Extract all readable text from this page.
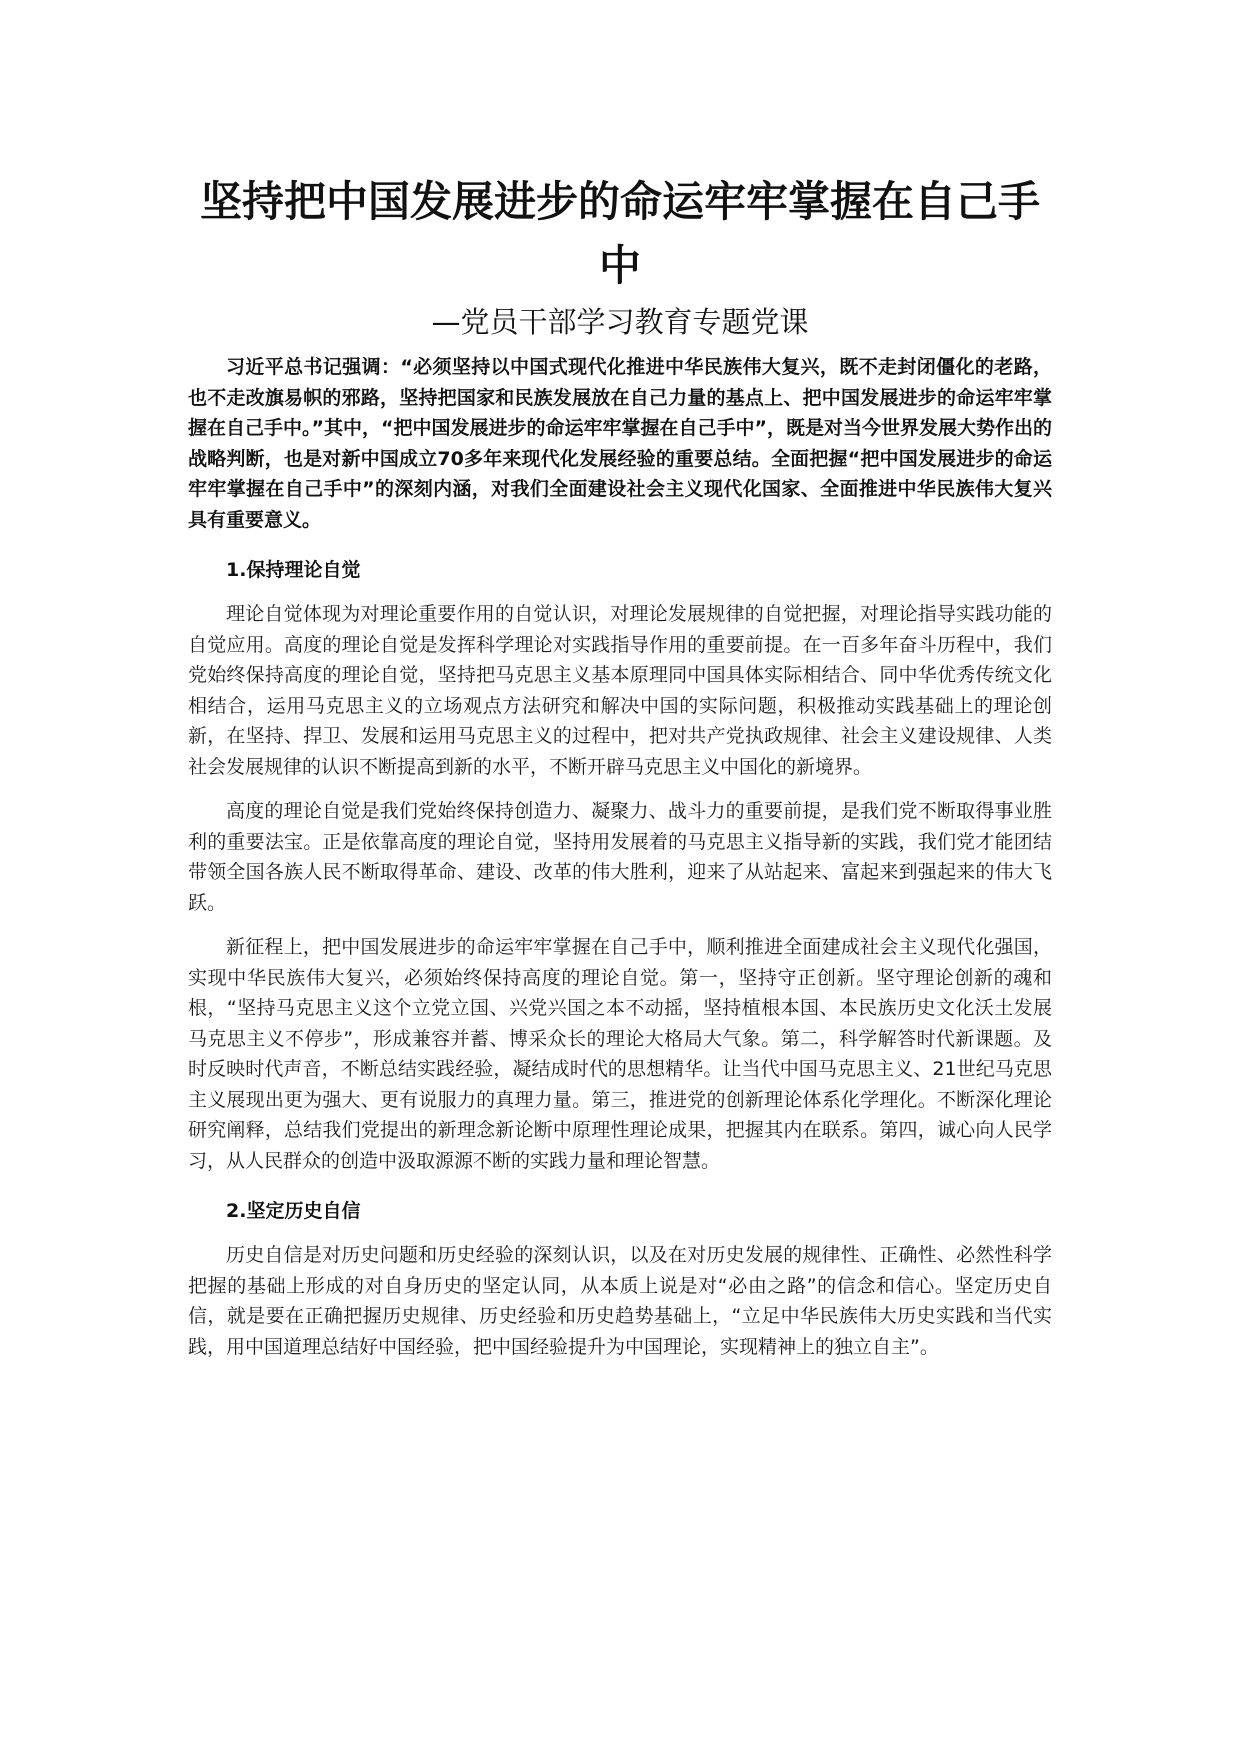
坚持把中国发展进步的命运牢牢掌握在自己手中
—党员干部学习教育专题党课

习近平总书记强调：“必须坚持以中国式现代化推进中华民族伟大复兴，既不走封闭僵化的老路，也不走改旗易帜的邪路，坚持把国家和民族发展放在自己力量的基点上、把中国发展进步的命运牢牢掌握在自己手中。”其中，“把中国发展进步的命运牢牢掌握在自己手中”，既是对当今世界发展大势作出的战略判断，也是对新中国成立70多年来现代化发展经验的重要总结。全面把握“把中国发展进步的命运牢牢掌握在自己手中”的深刻内涵，对我们全面建设社会主义现代化国家、全面推进中华民族伟大复兴具有重要意义。

1.保持理论自觉

理论自觉体现为对理论重要作用的自觉认识，对理论发展规律的自觉把握，对理论指导实践功能的自觉应用。高度的理论自觉是发挥科学理论对实践指导作用的重要前提。在一百多年奋斗历程中，我们党始终保持高度的理论自觉，坚持把马克思主义基本原理同中国具体实际相结合、同中华优秀传统文化相结合，运用马克思主义的立场观点方法研究和解决中国的实际问题，积极推动实践基础上的理论创新，在坚持、捍卫、发展和运用马克思主义的过程中，把对共产党执政规律、社会主义建设规律、人类社会发展规律的认识不断提高到新的水平，不断开辟马克思主义中国化的新境界。

高度的理论自觉是我们党始终保持创造力、凝聚力、战斗力的重要前提，是我们党不断取得事业胜利的重要法宝。正是依靠高度的理论自觉，坚持用发展着的马克思主义指导新的实践，我们党才能团结带领全国各族人民不断取得革命、建设、改革的伟大胜利，迎来了从站起来、富起来到强起来的伟大飞跃。

新征程上，把中国发展进步的命运牢牢掌握在自己手中，顺利推进全面建成社会主义现代化强国，实现中华民族伟大复兴，必须始终保持高度的理论自觉。第一，坚持守正创新。坚守理论创新的魂和根，“坚持马克思主义这个立党立国、兴党兴国之本不动摇，坚持植根本国、本民族历史文化沃土发展马克思主义不停步”，形成兼容并蓄、博采众长的理论大格局大气象。第二，科学解答时代新课题。及时反映时代声音，不断总结实践经验，凝结成时代的思想精华。让当代中国马克思主义、21世纪马克思主义展现出更为强大、更有说服力的真理力量。第三，推进党的创新理论体系化学理化。不断深化理论研究阐释，总结我们党提出的新理念新论断中原理性理论成果，把握其内在联系。第四，诚心向人民学习，从人民群众的创造中汲取源源不断的实践力量和理论智慧。

2.坚定历史自信

历史自信是对历史问题和历史经验的深刻认识，以及在对历史发展的规律性、正确性、必然性科学把握的基础上形成的对自身历史的坚定认同，从本质上说是对“必由之路”的信念和信心。坚定历史自信，就是要在正确把握历史规律、历史经验和历史趋势基础上，“立足中华民族伟大历史实践和当代实践，用中国道理总结好中国经验，把中国经验提升为中国理论，实现精神上的独立自主”。
